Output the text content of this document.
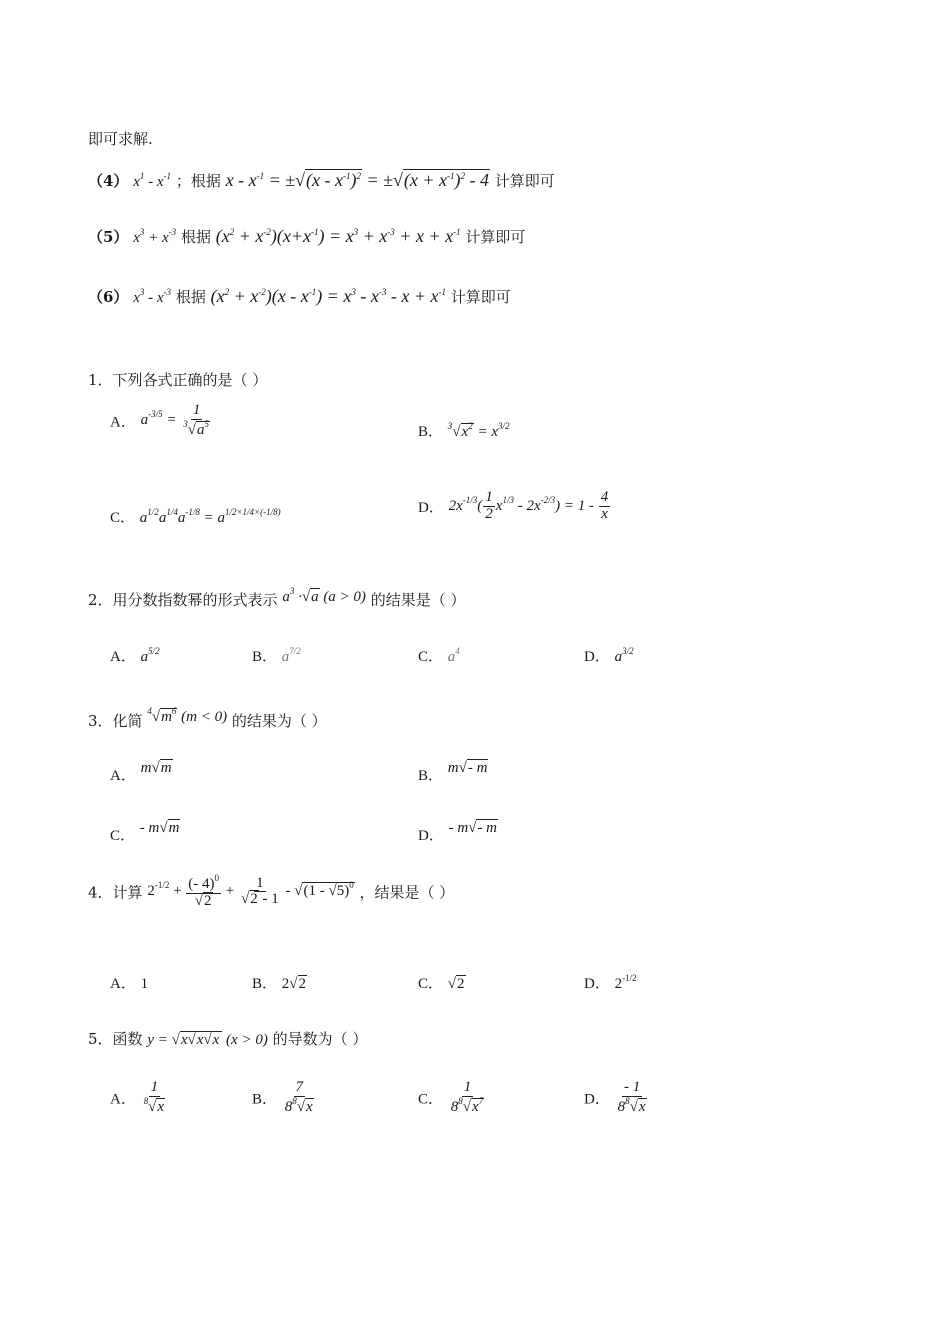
即可求解.
（4） $x^1 - x^{-1}$ ；根据 $x - x^{-1} = \pm√(x - x^{-1})^2 = \pm√(x + x^{-1})^2 - 4$ 计算即可
（5） $x^3 + x^{-3}$ 根据 $(x^2 + x^{-2})(x+x^{-1}) = x^3 + x^{-3} + x + x^{-1}$ 计算即可
（6） $x^3 - x^{-3}$ 根据 $(x^2 + x^{-2})(x - x^{-1}) = x^3 - x^{-3} - x + x^{-1}$ 计算即可
1．下列各式正确的是（ ）
A． $a^{-3/5} = \frac{1}{^3√a^5}$	B． $^3√x^2 = x^{3/2}$
C． $a^{1/2}a^{1/4}a^{-1/8} = a^{1/2\times 1/4\times(-1/8)}$	D． $2x^{-1/3}( \frac{1}{2} x^{1/3} - 2x^{-2/3}) = 1 - \frac{4}{x}$
2．用分数指数幂的形式表示 $a^3 \cdot√a$ (a > 0) 的结果是（ ）
A． $a^{5/2}$	B． $a^{7/2}$	C． $a^4$	D． $a^{3/2}$
3．化简 $^4√m^6$ (m < 0) 的结果为（ ）
A． m√m	B． m√- m
C． - m√m	D． - m√- m
4．计算 $2^{-1/2} + \frac{(- 4)^0}{√2} + \frac{1}{√2 - 1} - √(1 - √5)^0$ ，结果是（ ）
A． 1	B． 2√2	C． √2	D． $2^{-1/2}$
5．函数 y = √x√x√x (x > 0) 的导数为（ ）
A． $\frac{1}{^8√x}$	B． $\frac{7}{8^8√x}$	C． $\frac{1}{8^8√x^7}$	D． $\frac{- 1}{8^8√x}$
